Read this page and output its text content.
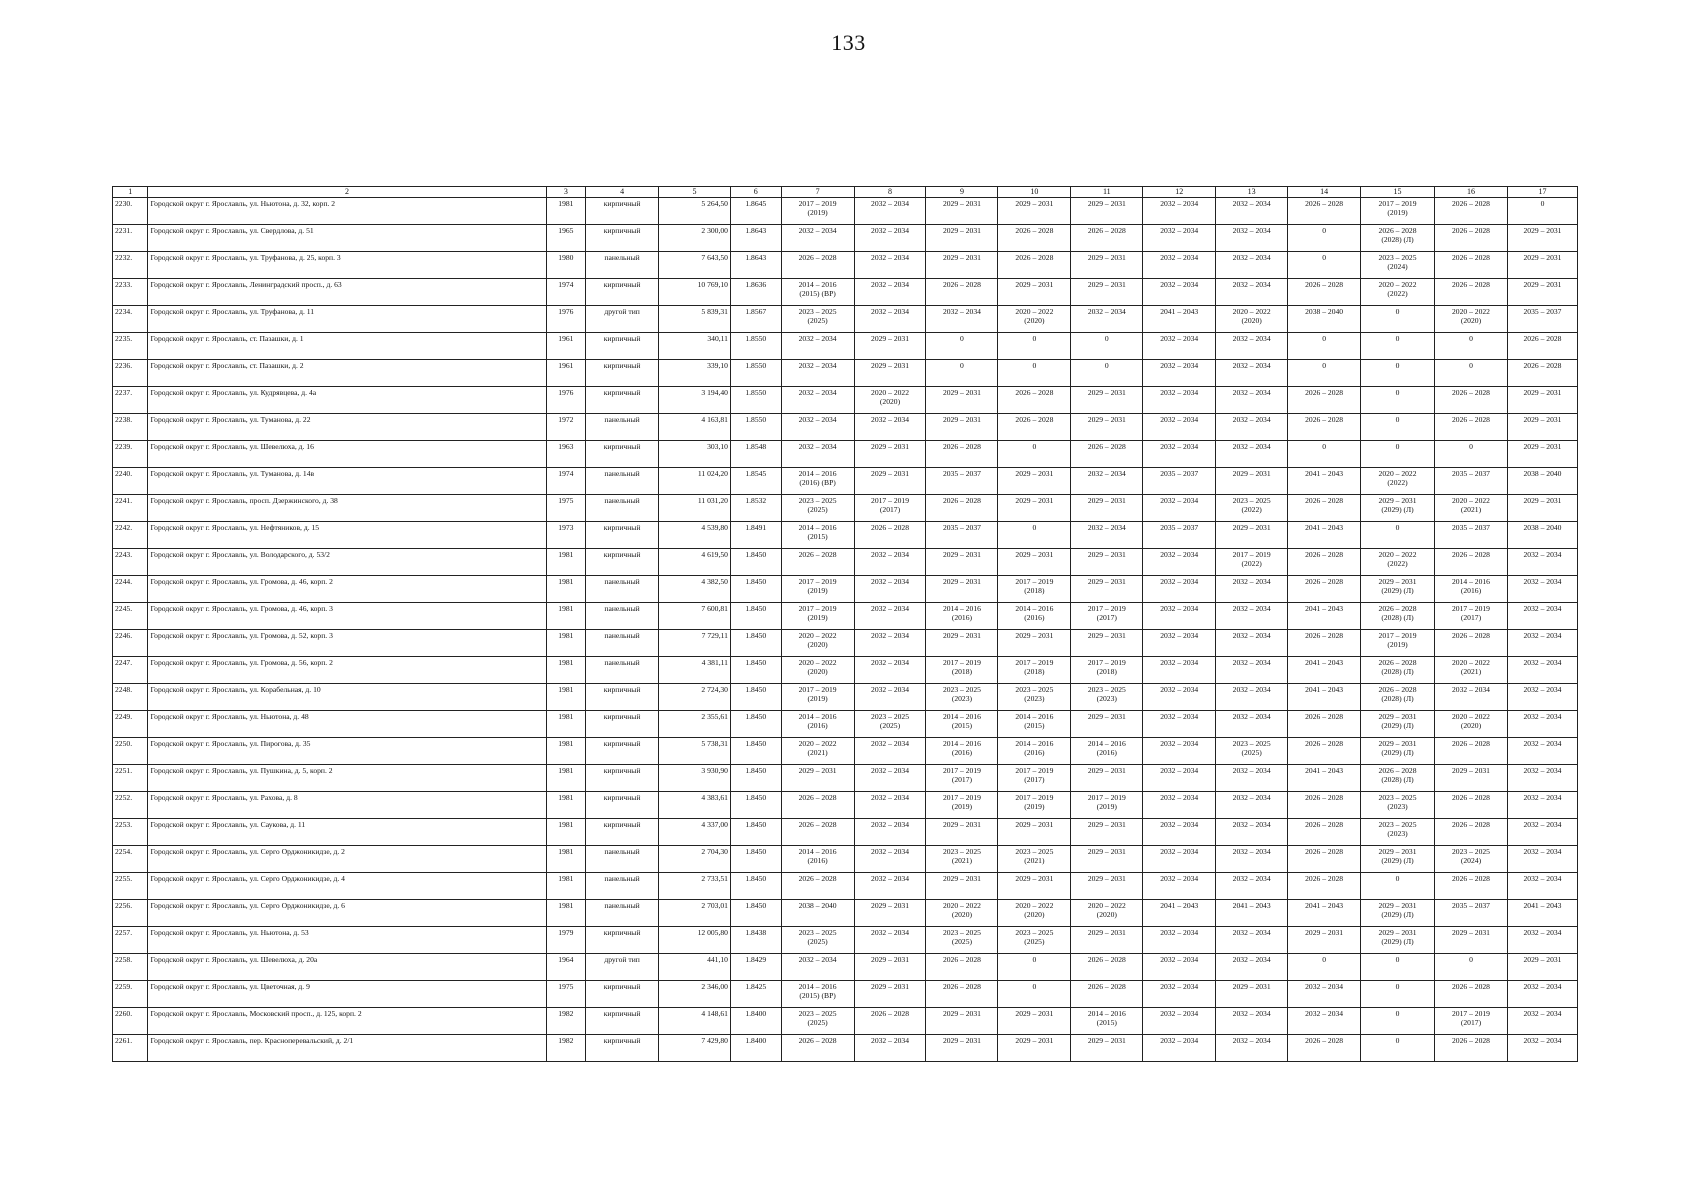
133
1	2	3	4	5	6	7	8	9	10	11	12	13	14	15	16	17

2230.	Городской округ г. Ярославль, ул. Ньютона, д. 32, корп. 2	1981	кирпичный	5 264,50	1.8645	2017 – 2019
(2019)	2032 – 2034	2029 – 2031	2029 – 2031	2029 – 2031	2032 – 2034	2032 – 2034	2026 – 2028	2017 – 2019
(2019)	2026 – 2028	0

2231.	Городской округ г. Ярославль, ул. Свердлова, д. 51	1965	кирпичный	2 300,00	1.8643	2032 – 2034	2032 – 2034	2029 – 2031	2026 – 2028	2026 – 2028	2032 – 2034	2032 – 2034	0	2026 – 2028
(2028) (Л)	2026 – 2028	2029 – 2031

2232.	Городской округ г. Ярославль, ул. Труфанова, д. 25, корп. 3	1980	панельный	7 643,50	1.8643	2026 – 2028	2032 – 2034	2029 – 2031	2026 – 2028	2029 – 2031	2032 – 2034	2032 – 2034	0	2023 – 2025
(2024)	2026 – 2028	2029 – 2031

2233.	Городской округ г. Ярославль, Ленинградский просп., д. 63	1974	кирпичный	10 769,10	1.8636	2014 – 2016
(2015) (ВР)	2032 – 2034	2026 – 2028	2029 – 2031	2029 – 2031	2032 – 2034	2032 – 2034	2026 – 2028	2020 – 2022
(2022)	2026 – 2028	2029 – 2031

2234.	Городской округ г. Ярославль, ул. Труфанова, д. 11	1976	другой тип	5 839,31	1.8567	2023 – 2025
(2025)	2032 – 2034	2032 – 2034	2020 – 2022
(2020)	2032 – 2034	2041 – 2043	2020 – 2022
(2020)	2038 – 2040	0	2020 – 2022
(2020)	2035 – 2037

2235.	Городской округ г. Ярославль, ст. Пазашки, д. 1	1961	кирпичный	340,11	1.8550	2032 – 2034	2029 – 2031	0	0	0	2032 – 2034	2032 – 2034	0	0	0	2026 – 2028

2236.	Городской округ г. Ярославль, ст. Пазашки, д. 2	1961	кирпичный	339,10	1.8550	2032 – 2034	2029 – 2031	0	0	0	2032 – 2034	2032 – 2034	0	0	0	2026 – 2028

2237.	Городской округ г. Ярославль, ул. Кудрявцева, д. 4а	1976	кирпичный	3 194,40	1.8550	2032 – 2034	2020 – 2022
(2020)	2029 – 2031	2026 – 2028	2029 – 2031	2032 – 2034	2032 – 2034	2026 – 2028	0	2026 – 2028	2029 – 2031

2238.	Городской округ г. Ярославль, ул. Туманова, д. 22	1972	панельный	4 163,81	1.8550	2032 – 2034	2032 – 2034	2029 – 2031	2026 – 2028	2029 – 2031	2032 – 2034	2032 – 2034	2026 – 2028	0	2026 – 2028	2029 – 2031

2239.	Городской округ г. Ярославль, ул. Шевелюха, д. 16	1963	кирпичный	303,10	1.8548	2032 – 2034	2029 – 2031	2026 – 2028	0	2026 – 2028	2032 – 2034	2032 – 2034	0	0	0	2029 – 2031

2240.	Городской округ г. Ярославль, ул. Туманова, д. 14в	1974	панельный	11 024,20	1.8545	2014 – 2016
(2016) (ВР)	2029 – 2031	2035 – 2037	2029 – 2031	2032 – 2034	2035 – 2037	2029 – 2031	2041 – 2043	2020 – 2022
(2022)	2035 – 2037	2038 – 2040

2241.	Городской округ г. Ярославль, просп. Дзержинского, д. 38	1975	панельный	11 031,20	1.8532	2023 – 2025
(2025)	2017 – 2019
(2017)	2026 – 2028	2029 – 2031	2029 – 2031	2032 – 2034	2023 – 2025
(2022)	2026 – 2028	2029 – 2031
(2029) (Л)	2020 – 2022
(2021)	2029 – 2031

2242.	Городской округ г. Ярославль, ул. Нефтяников, д. 15	1973	кирпичный	4 539,80	1.8491	2014 – 2016
(2015)	2026 – 2028	2035 – 2037	0	2032 – 2034	2035 – 2037	2029 – 2031	2041 – 2043	0	2035 – 2037	2038 – 2040

2243.	Городской округ г. Ярославль, ул. Володарского, д. 53/2	1981	кирпичный	4 619,50	1.8450	2026 – 2028	2032 – 2034	2029 – 2031	2029 – 2031	2029 – 2031	2032 – 2034	2017 – 2019
(2022)	2026 – 2028	2020 – 2022
(2022)	2026 – 2028	2032 – 2034

2244.	Городской округ г. Ярославль, ул. Громова, д. 46, корп. 2	1981	панельный	4 382,50	1.8450	2017 – 2019
(2019)	2032 – 2034	2029 – 2031	2017 – 2019
(2018)	2029 – 2031	2032 – 2034	2032 – 2034	2026 – 2028	2029 – 2031
(2029) (Л)	2014 – 2016
(2016)	2032 – 2034

2245.	Городской округ г. Ярославль, ул. Громова, д. 46, корп. 3	1981	панельный	7 600,81	1.8450	2017 – 2019
(2019)	2032 – 2034	2014 – 2016
(2016)	2014 – 2016
(2016)	2017 – 2019
(2017)	2032 – 2034	2032 – 2034	2041 – 2043	2026 – 2028
(2028) (Л)	2017 – 2019
(2017)	2032 – 2034

2246.	Городской округ г. Ярославль, ул. Громова, д. 52, корп. 3	1981	панельный	7 729,11	1.8450	2020 – 2022
(2020)	2032 – 2034	2029 – 2031	2029 – 2031	2029 – 2031	2032 – 2034	2032 – 2034	2026 – 2028	2017 – 2019
(2019)	2026 – 2028	2032 – 2034

2247.	Городской округ г. Ярославль, ул. Громова, д. 56, корп. 2	1981	панельный	4 381,11	1.8450	2020 – 2022
(2020)	2032 – 2034	2017 – 2019
(2018)	2017 – 2019
(2018)	2017 – 2019
(2018)	2032 – 2034	2032 – 2034	2041 – 2043	2026 – 2028
(2028) (Л)	2020 – 2022
(2021)	2032 – 2034

2248.	Городской округ г. Ярославль, ул. Корабельная, д. 10	1981	кирпичный	2 724,30	1.8450	2017 – 2019
(2019)	2032 – 2034	2023 – 2025
(2023)	2023 – 2025
(2023)	2023 – 2025
(2023)	2032 – 2034	2032 – 2034	2041 – 2043	2026 – 2028
(2028) (Л)	2032 – 2034	2032 – 2034

2249.	Городской округ г. Ярославль, ул. Ньютона, д. 48	1981	кирпичный	2 355,61	1.8450	2014 – 2016
(2016)	2023 – 2025
(2025)	2014 – 2016
(2015)	2014 – 2016
(2015)	2029 – 2031	2032 – 2034	2032 – 2034	2026 – 2028	2029 – 2031
(2029) (Л)	2020 – 2022
(2020)	2032 – 2034

2250.	Городской округ г. Ярославль, ул. Пирогова, д. 35	1981	кирпичный	5 738,31	1.8450	2020 – 2022
(2021)	2032 – 2034	2014 – 2016
(2016)	2014 – 2016
(2016)	2014 – 2016
(2016)	2032 – 2034	2023 – 2025
(2025)	2026 – 2028	2029 – 2031
(2029) (Л)	2026 – 2028	2032 – 2034

2251.	Городской округ г. Ярославль, ул. Пушкина, д. 5, корп. 2	1981	кирпичный	3 930,90	1.8450	2029 – 2031	2032 – 2034	2017 – 2019
(2017)	2017 – 2019
(2017)	2029 – 2031	2032 – 2034	2032 – 2034	2041 – 2043	2026 – 2028
(2028) (Л)	2029 – 2031	2032 – 2034

2252.	Городской округ г. Ярославль, ул. Рахова, д. 8	1981	кирпичный	4 383,61	1.8450	2026 – 2028	2032 – 2034	2017 – 2019
(2019)	2017 – 2019
(2019)	2017 – 2019
(2019)	2032 – 2034	2032 – 2034	2026 – 2028	2023 – 2025
(2023)	2026 – 2028	2032 – 2034

2253.	Городской округ г. Ярославль, ул. Саукова, д. 11	1981	кирпичный	4 337,00	1.8450	2026 – 2028	2032 – 2034	2029 – 2031	2029 – 2031	2029 – 2031	2032 – 2034	2032 – 2034	2026 – 2028	2023 – 2025
(2023)	2026 – 2028	2032 – 2034

2254.	Городской округ г. Ярославль, ул. Серго Орджоникидзе, д. 2	1981	панельный	2 704,30	1.8450	2014 – 2016
(2016)	2032 – 2034	2023 – 2025
(2021)	2023 – 2025
(2021)	2029 – 2031	2032 – 2034	2032 – 2034	2026 – 2028	2029 – 2031
(2029) (Л)	2023 – 2025
(2024)	2032 – 2034

2255.	Городской округ г. Ярославль, ул. Серго Орджоникидзе, д. 4	1981	панельный	2 733,51	1.8450	2026 – 2028	2032 – 2034	2029 – 2031	2029 – 2031	2029 – 2031	2032 – 2034	2032 – 2034	2026 – 2028	0	2026 – 2028	2032 – 2034

2256.	Городской округ г. Ярославль, ул. Серго Орджоникидзе, д. 6	1981	панельный	2 703,01	1.8450	2038 – 2040	2029 – 2031	2020 – 2022
(2020)	2020 – 2022
(2020)	2020 – 2022
(2020)	2041 – 2043	2041 – 2043	2041 – 2043	2029 – 2031
(2029) (Л)	2035 – 2037	2041 – 2043

2257.	Городской округ г. Ярославль, ул. Ньютона, д. 53	1979	кирпичный	12 005,80	1.8438	2023 – 2025
(2025)	2032 – 2034	2023 – 2025
(2025)	2023 – 2025
(2025)	2029 – 2031	2032 – 2034	2032 – 2034	2029 – 2031	2029 – 2031
(2029) (Л)	2029 – 2031	2032 – 2034

2258.	Городской округ г. Ярославль, ул. Шевелюха, д. 20а	1964	другой тип	441,10	1.8429	2032 – 2034	2029 – 2031	2026 – 2028	0	2026 – 2028	2032 – 2034	2032 – 2034	0	0	0	2029 – 2031

2259.	Городской округ г. Ярославль, ул. Цветочная, д. 9	1975	кирпичный	2 346,00	1.8425	2014 – 2016
(2015) (ВР)	2029 – 2031	2026 – 2028	0	2026 – 2028	2032 – 2034	2029 – 2031	2032 – 2034	0	2026 – 2028	2032 – 2034

2260.	Городской округ г. Ярославль, Московский просп., д. 125, корп. 2	1982	кирпичный	4 148,61	1.8400	2023 – 2025
(2025)	2026 – 2028	2029 – 2031	2029 – 2031	2014 – 2016
(2015)	2032 – 2034	2032 – 2034	2032 – 2034	0	2017 – 2019
(2017)	2032 – 2034

2261.	Городской округ г. Ярославль, пер. Красноперевальский, д. 2/1	1982	кирпичный	7 429,80	1.8400	2026 – 2028	2032 – 2034	2029 – 2031	2029 – 2031	2029 – 2031	2032 – 2034	2032 – 2034	2026 – 2028	0	2026 – 2028	2032 – 2034
